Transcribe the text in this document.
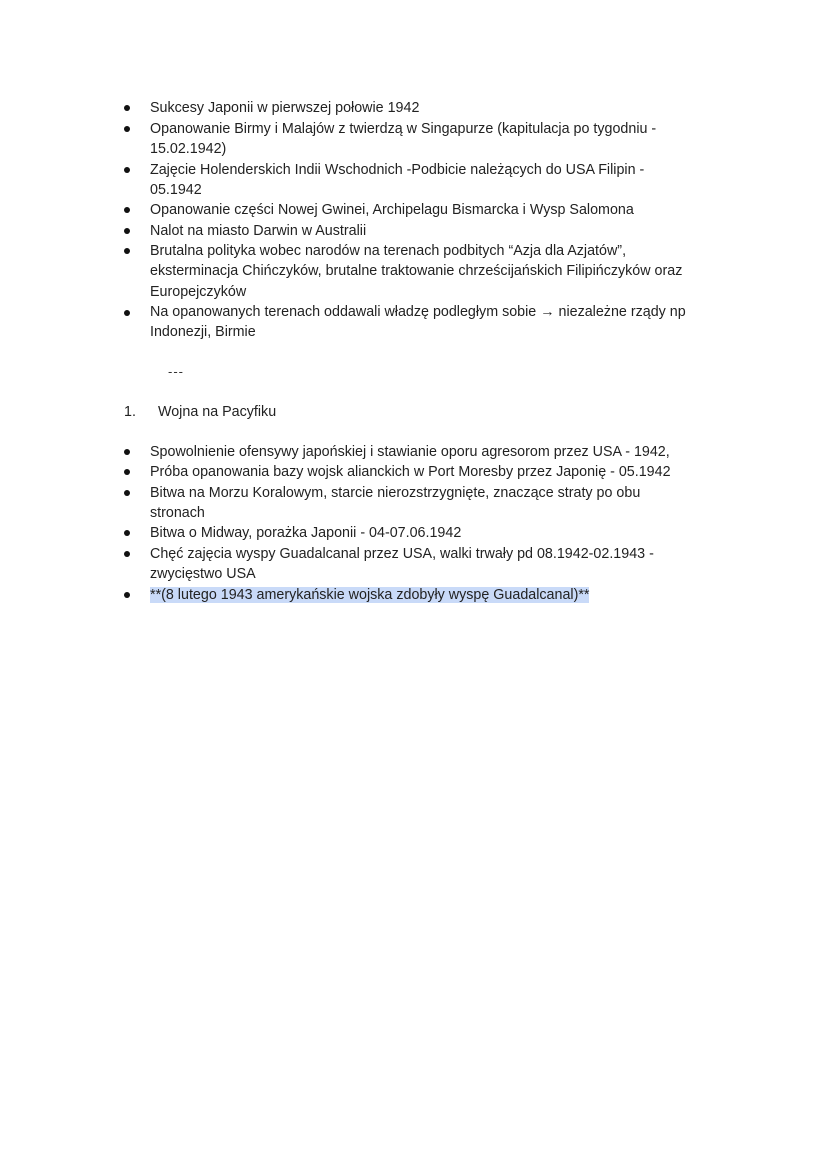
Sukcesy Japonii w pierwszej połowie 1942
Opanowanie Birmy i Malajów z twierdzą w Singapurze (kapitulacja po tygodniu -
15.02.1942)
Zajęcie Holenderskich Indii Wschodnich -Podbicie należących do USA Filipin -
05.1942
Opanowanie części Nowej Gwinei, Archipelagu Bismarcka i Wysp Salomona
Nalot na miasto Darwin w Australii
Brutalna polityka wobec narodów na terenach podbitych “Azja dla Azjatów”,
eksterminacja Chińczyków, brutalne traktowanie chrześcijańskich Filipińczyków oraz
Europejczyków
Na opanowanych terenach oddawali władzę podległym sobie → niezależne rządy np
Indonezji, Birmie
---
1. Wojna na Pacyfiku
Spowolnienie ofensywy japońskiej i stawianie oporu agresorom przez USA - 1942,
Próba opanowania bazy wojsk alianckich w Port Moresby przez Japonię - 05.1942
Bitwa na Morzu Koralowym, starcie nierozstrzygnięte, znaczące straty po obu
stronach
Bitwa o Midway, porażka Japonii - 04-07.06.1942
Chęć zajęcia wyspy Guadalcanal przez USA, walki trwały pd 08.1942-02.1943 -
zwycięstwo USA
**(8 lutego 1943 amerykańskie wojska zdobyły wyspę Guadalcanal)**
